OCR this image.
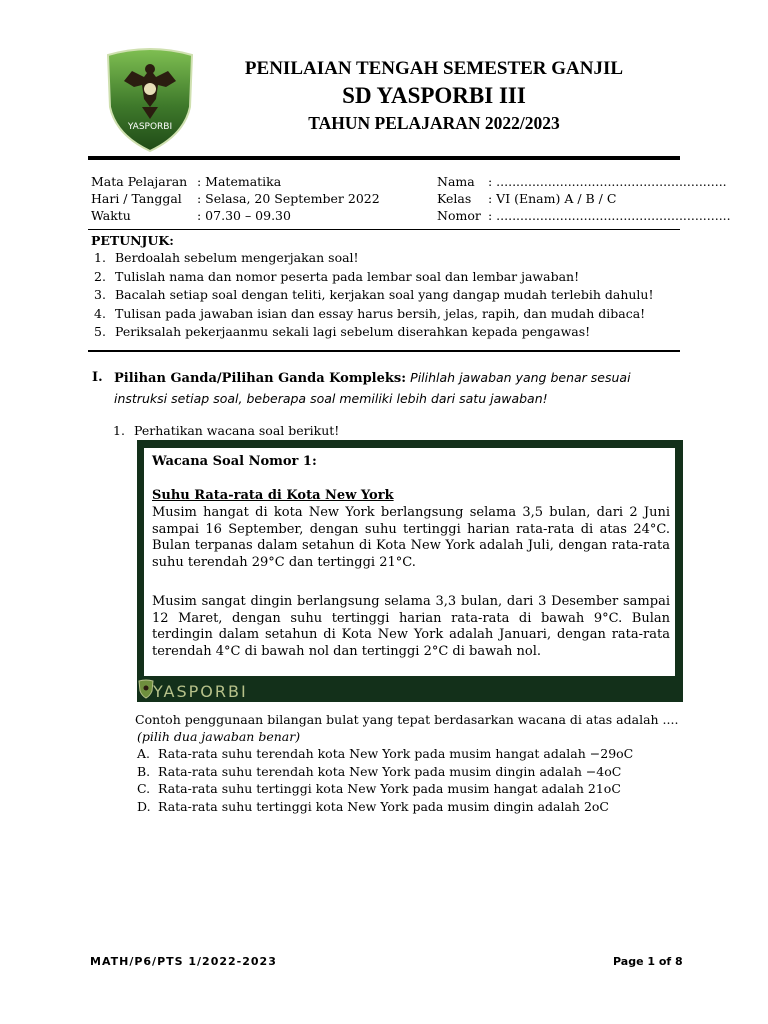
YASPORBI
PENILAIAN TENGAH SEMESTER GANJIL
SD YASPORBI III
TAHUN PELAJARAN 2022/2023
Mata Pelajaran : Matematika
Hari / Tanggal : Selasa, 20 September 2022
Waktu	: 07.30 – 09.30
Nama : ..........................................................
Kelas : VI (Enam) A / B / C
Nomor : ...........................................................
PETUNJUK:
1. Berdoalah sebelum mengerjakan soal!
2. Tulislah nama dan nomor peserta pada lembar soal dan lembar jawaban!
3. Bacalah setiap soal dengan teliti, kerjakan soal yang dangap mudah terlebih dahulu!
4. Tulisan pada jawaban isian dan essay harus bersih, jelas, rapih, dan mudah dibaca!
5. Periksalah pekerjaanmu sekali lagi sebelum diserahkan kepada pengawas!
I. Pilihan Ganda/Pilihan Ganda Kompleks: Pilihlah jawaban yang benar sesuai instruksi setiap soal, beberapa soal memiliki lebih dari satu jawaban!
1. Perhatikan wacana soal berikut!
Wacana Soal Nomor 1:
Suhu Rata-rata di Kota New York
Musim hangat di kota New York berlangsung selama 3,5 bulan, dari 2 Juni sampai 16 September, dengan suhu tertinggi harian rata-rata di atas 24°C. Bulan terpanas dalam setahun di Kota New York adalah Juli, dengan rata-rata suhu terendah 29°C dan tertinggi 21°C.
Musim sangat dingin berlangsung selama 3,3 bulan, dari 3 Desember sampai 12 Maret, dengan suhu tertinggi harian rata-rata di bawah 9°C. Bulan terdingin dalam setahun di Kota New York adalah Januari, dengan rata-rata terendah 4°C di bawah nol dan tertinggi 2°C di bawah nol.
YASPORBI
Contoh penggunaan bilangan bulat yang tepat berdasarkan wacana di atas adalah ....
(pilih dua jawaban benar)
A. Rata-rata suhu terendah kota New York pada musim hangat adalah −29oC
B. Rata-rata suhu terendah kota New York pada musim dingin adalah −4oC
C. Rata-rata suhu tertinggi kota New York pada musim hangat adalah 21oC
D. Rata-rata suhu tertinggi kota New York pada musim dingin adalah 2oC
MATH/P6/PTS 1/2022-2023	Page 1 of 8
